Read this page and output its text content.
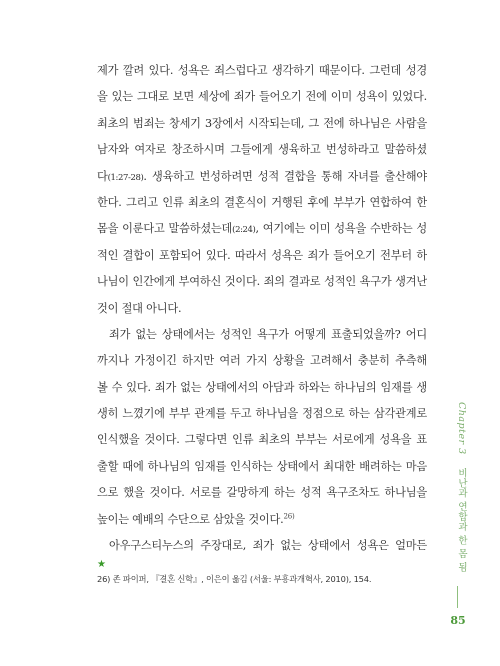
제가 깔려 있다. 성욕은 죄스럽다고 생각하기 때문이다. 그런데 성경
을 있는 그대로 보면 세상에 죄가 들어오기 전에 이미 성욕이 있었다.
최초의 범죄는 창세기 3장에서 시작되는데, 그 전에 하나님은 사람을
남자와 여자로 창조하시며 그들에게 생육하고 번성하라고 말씀하셨
다(1:27-28). 생육하고 번성하려면 성적 결합을 통해 자녀를 출산해야
한다. 그리고 인류 최초의 결혼식이 거행된 후에 부부가 연합하여 한
몸을 이룬다고 말씀하셨는데(2:24), 여기에는 이미 성욕을 수반하는 성
적인 결합이 포함되어 있다. 따라서 성욕은 죄가 들어오기 전부터 하
나님이 인간에게 부여하신 것이다. 죄의 결과로 성적인 욕구가 생겨난
것이 절대 아니다.
죄가 없는 상태에서는 성적인 욕구가 어떻게 표출되었을까? 어디
까지나 가정이긴 하지만 여러 가지 상황을 고려해서 충분히 추측해
볼 수 있다. 죄가 없는 상태에서의 아담과 하와는 하나님의 임재를 생
생히 느꼈기에 부부 관계를 두고 하나님을 정점으로 하는 삼각관계로
인식했을 것이다. 그렇다면 인류 최초의 부부는 서로에게 성욕을 표
출할 때에 하나님의 임재를 인식하는 상태에서 최대한 배려하는 마음
으로 했을 것이다. 서로를 갈망하게 하는 성적 욕구조차도 하나님을
높이는 예배의 수단으로 삼았을 것이다.$^{26)}$
아우구스티누스의 주장대로, 죄가 없는 상태에서 성욕은 얼마든
★
26) 존 파이퍼, 『결혼 신학』, 이은이 옮김 (서울: 부흥과개혁사, 2010), 154.
Chapter 3 비난과 연합과 한 몸 됨
85
